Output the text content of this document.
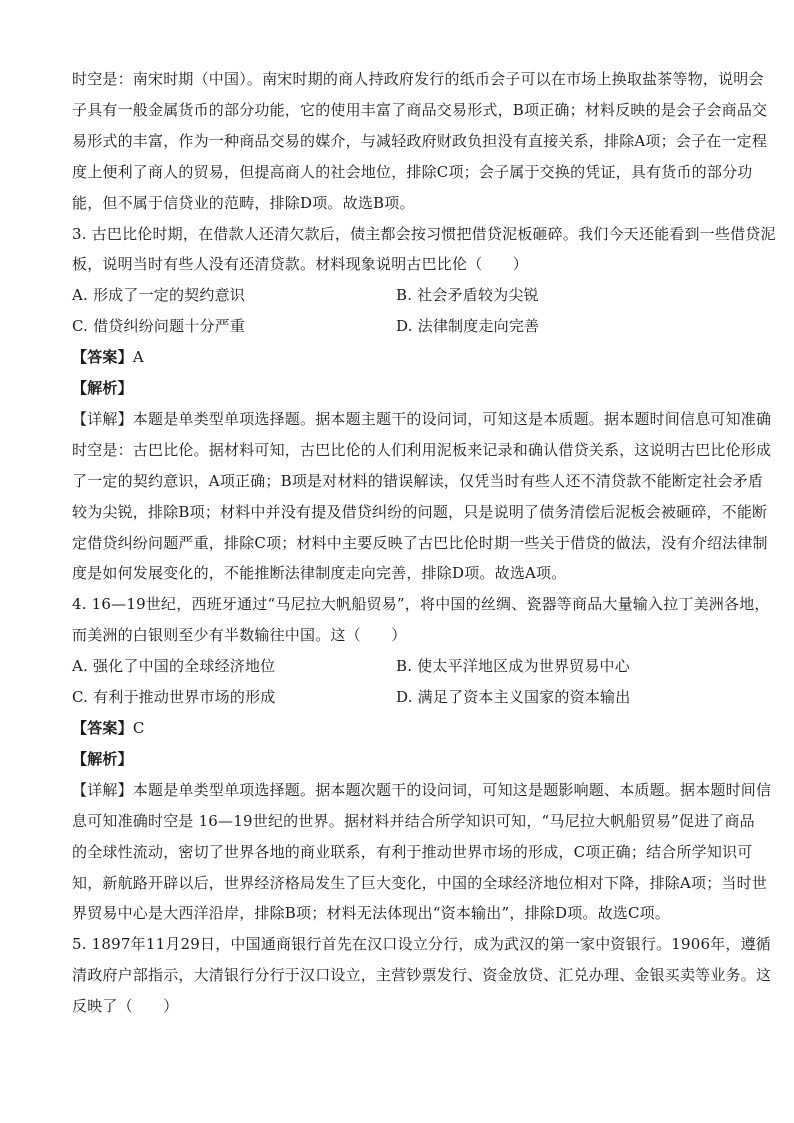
时空是：南宋时期（中国）。南宋时期的商人持政府发行的纸币会子可以在市场上换取盐茶等物，说明会

子具有一般金属货币的部分功能，它的使用丰富了商品交易形式，B项正确；材料反映的是会子会商品交

易形式的丰富，作为一种商品交易的媒介，与减轻政府财政负担没有直接关系，排除A项；会子在一定程

度上便利了商人的贸易，但提高商人的社会地位，排除C项；会子属于交换的凭证，具有货币的部分功

能，但不属于信贷业的范畴，排除D项。故选B项。

3. 古巴比伦时期，在借款人还清欠款后，债主都会按习惯把借贷泥板砸碎。我们今天还能看到一些借贷泥

板，说明当时有些人没有还清贷款。材料现象说明古巴比伦（　　）

A. 形成了一定的契约意识	B. 社会矛盾较为尖锐
C. 借贷纠纷问题十分严重	D. 法律制度走向完善

【答案】A

【解析】

【详解】本题是单类型单项选择题。据本题主题干的设问词，可知这是本质题。据本题时间信息可知准确

时空是：古巴比伦。据材料可知，古巴比伦的人们利用泥板来记录和确认借贷关系，这说明古巴比伦形成

了一定的契约意识，A项正确；B项是对材料的错误解读，仅凭当时有些人还不清贷款不能断定社会矛盾

较为尖锐，排除B项；材料中并没有提及借贷纠纷的问题，只是说明了债务清偿后泥板会被砸碎，不能断

定借贷纠纷问题严重，排除C项；材料中主要反映了古巴比伦时期一些关于借贷的做法，没有介绍法律制

度是如何发展变化的，不能推断法律制度走向完善，排除D项。故选A项。

4. 16—19世纪，西班牙通过“马尼拉大帆船贸易”，将中国的丝绸、瓷器等商品大量输入拉丁美洲各地，

而美洲的白银则至少有半数输往中国。这（　　）

A. 强化了中国的全球经济地位	B. 使太平洋地区成为世界贸易中心
C. 有利于推动世界市场的形成	D. 满足了资本主义国家的资本输出

【答案】C

【解析】

【详解】本题是单类型单项选择题。据本题次题干的设问词，可知这是题影响题、本质题。据本题时间信

息可知准确时空是 16—19世纪的世界。据材料并结合所学知识可知，“马尼拉大帆船贸易”促进了商品

的全球性流动，密切了世界各地的商业联系，有利于推动世界市场的形成，C项正确；结合所学知识可

知，新航路开辟以后，世界经济格局发生了巨大变化，中国的全球经济地位相对下降，排除A项；当时世

界贸易中心是大西洋沿岸，排除B项；材料无法体现出“资本输出”，排除D项。故选C项。

5. 1897年11月29日，中国通商银行首先在汉口设立分行，成为武汉的第一家中资银行。1906年，遵循

清政府户部指示，大清银行分行于汉口设立，主营钞票发行、资金放贷、汇兑办理、金银买卖等业务。这

反映了（　　）
